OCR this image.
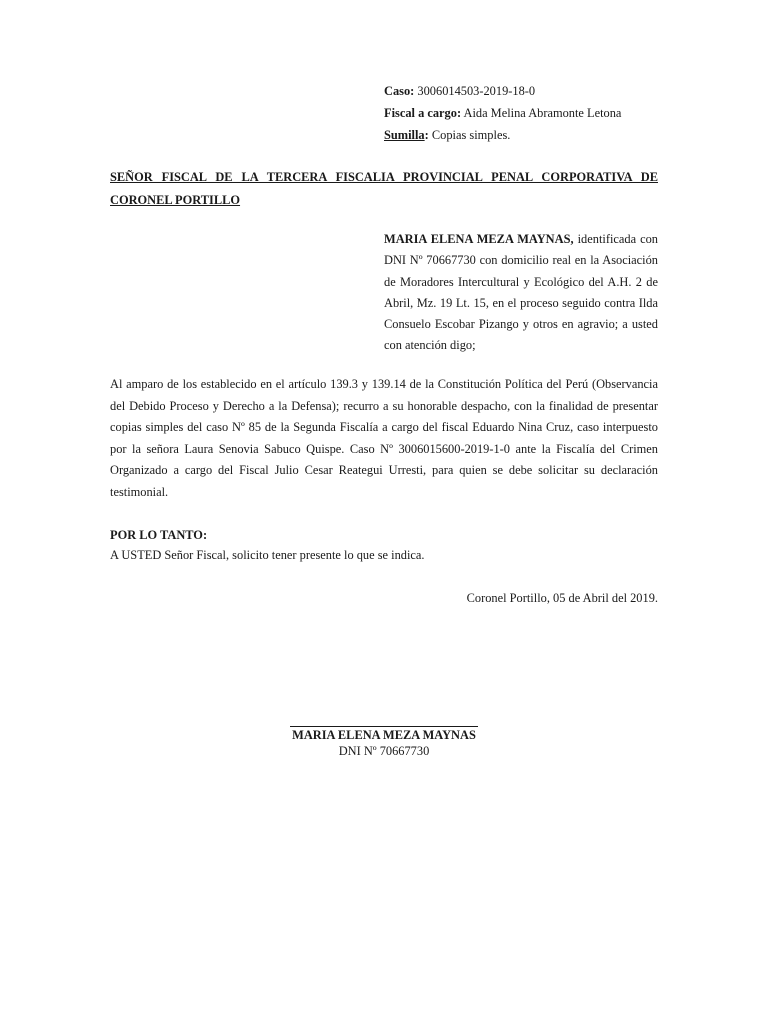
Caso: 3006014503-2019-18-0
Fiscal a cargo: Aida Melina Abramonte Letona
Sumilla: Copias simples.
SEÑOR FISCAL DE LA TERCERA FISCALIA PROVINCIAL PENAL CORPORATIVA DE CORONEL PORTILLO
MARIA ELENA MEZA MAYNAS, identificada con DNI Nº 70667730 con domicilio real en la Asociación de Moradores Intercultural y Ecológico del A.H. 2 de Abril, Mz. 19 Lt. 15, en el proceso seguido contra Ilda Consuelo Escobar Pizango y otros en agravio; a usted con atención digo;
Al amparo de los establecido en el artículo 139.3 y 139.14 de la Constitución Política del Perú (Observancia del Debido Proceso y Derecho a la Defensa); recurro a su honorable despacho, con la finalidad de presentar copias simples del caso Nº 85 de la Segunda Fiscalía a cargo del fiscal Eduardo Nina Cruz, caso interpuesto por la señora Laura Senovia Sabuco Quispe. Caso Nº 3006015600-2019-1-0 ante la Fiscalía del Crimen Organizado a cargo del Fiscal Julio Cesar Reategui Urresti, para quien se debe solicitar su declaración testimonial.
POR LO TANTO:
A USTED Señor Fiscal, solicito tener presente lo que se indica.
Coronel Portillo, 05 de Abril del 2019.
MARIA ELENA MEZA MAYNAS
DNI Nº 70667730
